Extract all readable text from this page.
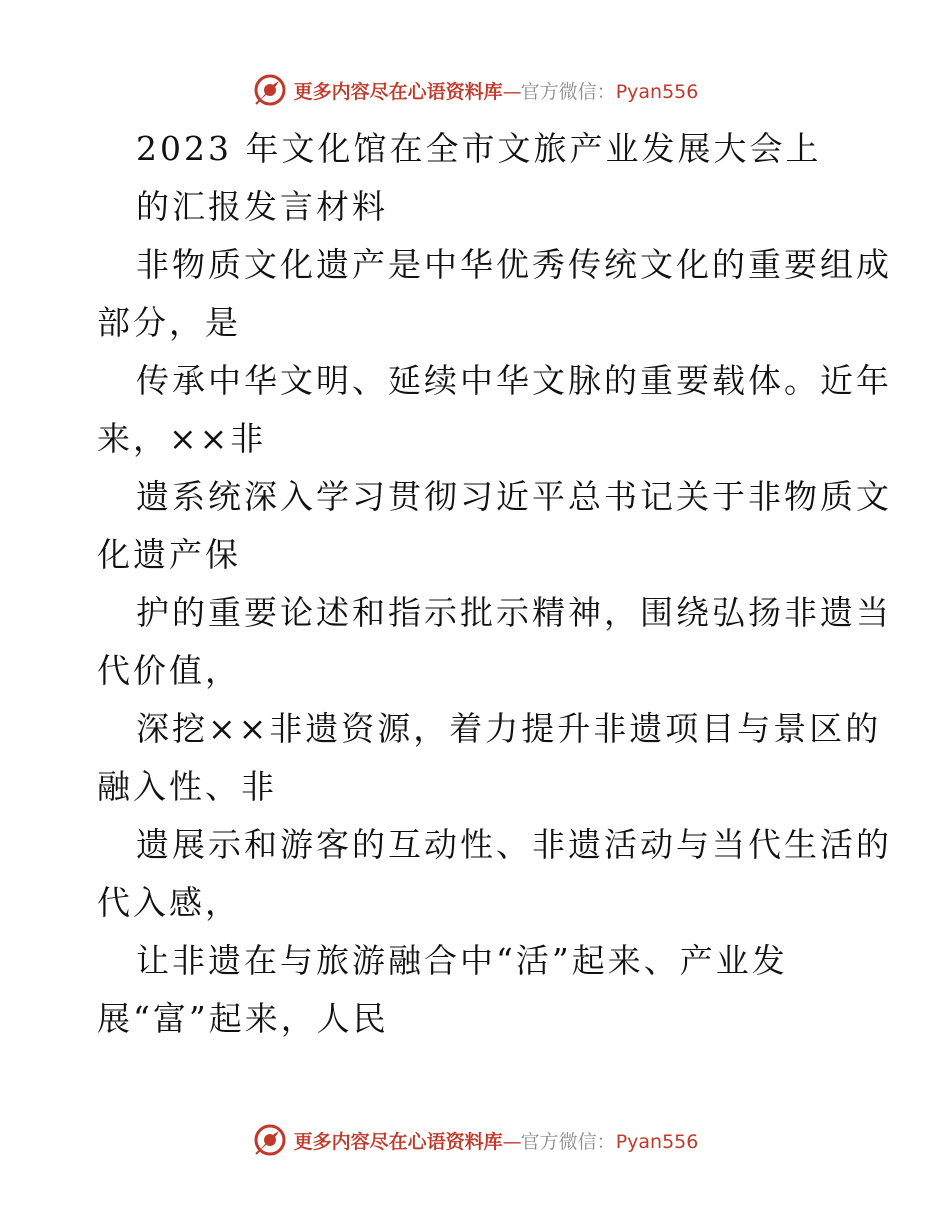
更多内容尽在心语资料库—官方微信：Pyan556
2023 年文化馆在全市文旅产业发展大会上
的汇报发言材料
非物质文化遗产是中华优秀传统文化的重要组成
部分，是
传承中华文明、延续中华文脉的重要载体。近年
来，××非
遗系统深入学习贯彻习近平总书记关于非物质文
化遗产保
护的重要论述和指示批示精神，围绕弘扬非遗当
代价值，
深挖××非遗资源，着力提升非遗项目与景区的
融入性、非
遗展示和游客的互动性、非遗活动与当代生活的
代入感，
让非遗在与旅游融合中“活”起来、产业发
展“富”起来，人民
更多内容尽在心语资料库—官方微信：Pyan556
